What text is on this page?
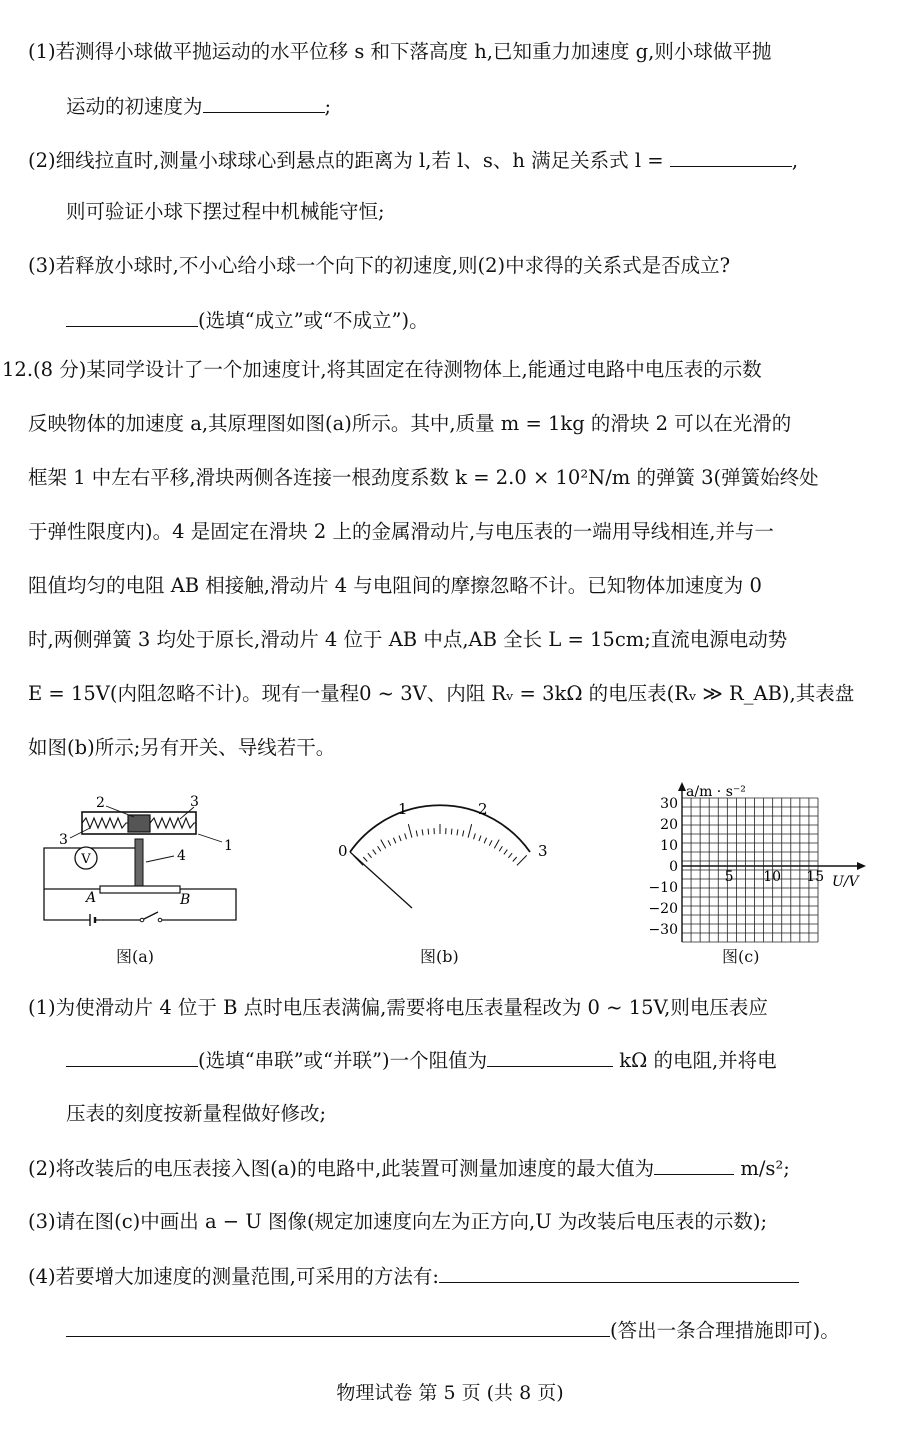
(1)若测得小球做平抛运动的水平位移 s 和下落高度 h,已知重力加速度 g,则小球做平抛
运动的初速度为	;
(2)细线拉直时,测量小球球心到悬点的距离为 l,若 l、s、h 满足关系式 l =	,
则可验证小球下摆过程中机械能守恒;
(3)若释放小球时,不小心给小球一个向下的初速度,则(2)中求得的关系式是否成立?
(选填“成立”或“不成立”)。
12.(8 分)某同学设计了一个加速度计,将其固定在待测物体上,能通过电路中电压表的示数
反映物体的加速度 a,其原理图如图(a)所示。其中,质量 m = 1kg 的滑块 2 可以在光滑的
框架 1 中左右平移,滑块两侧各连接一根劲度系数 k = 2.0 × 10²N/m 的弹簧 3(弹簧始终处
于弹性限度内)。4 是固定在滑块 2 上的金属滑动片,与电压表的一端用导线相连,并与一
阻值均匀的电阻 AB 相接触,滑动片 4 与电阻间的摩擦忽略不计。已知物体加速度为 0
时,两侧弹簧 3 均处于原长,滑动片 4 位于 AB 中点,AB 全长 L = 15cm;直流电源电动势
E = 15V(内阻忽略不计)。现有一量程0 ~ 3V、内阻 Rᵥ = 3kΩ 的电压表(Rᵥ ≫ R_AB),其表盘
如图(b)所示;另有开关、导线若干。
V
2	3
3	1
4
A	B
图(a)
0
1	2
3
图(b)
a/m · s⁻²
U/V
30
20
10
0
−10
−20
−30
5 10 15
图(c)
(1)为使滑动片 4 位于 B 点时电压表满偏,需要将电压表量程改为 0 ~ 15V,则电压表应
(选填“串联”或“并联”)一个阻值为	kΩ 的电阻,并将电
压表的刻度按新量程做好修改;
(2)将改装后的电压表接入图(a)的电路中,此装置可测量加速度的最大值为	m/s²;
(3)请在图(c)中画出 a − U 图像(规定加速度向左为正方向,U 为改装后电压表的示数);
(4)若要增大加速度的测量范围,可采用的方法有:
(答出一条合理措施即可)。
物理试卷 第 5 页 (共 8 页)
